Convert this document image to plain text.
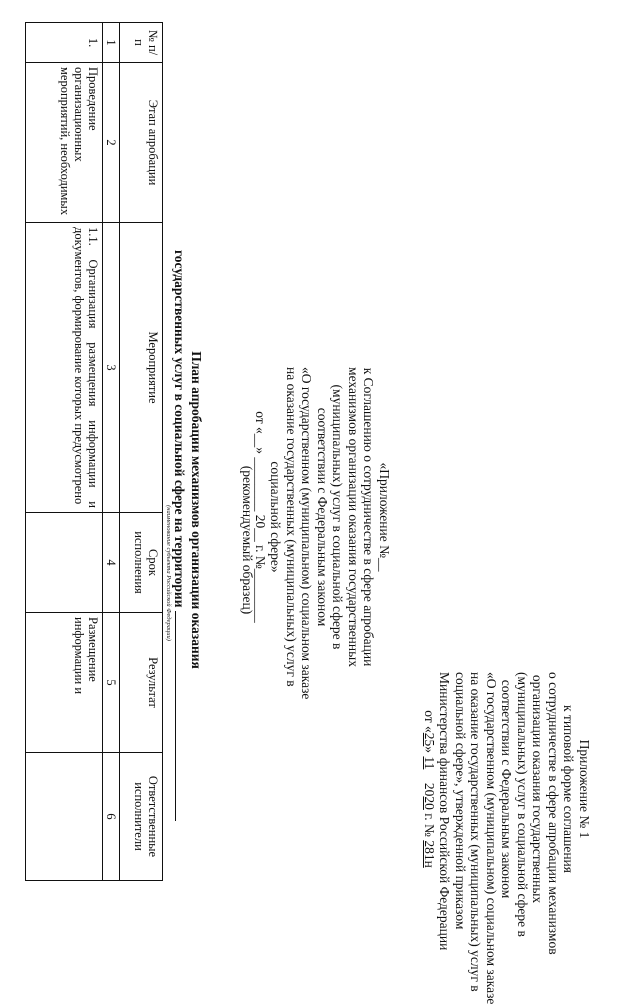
Приложение № 1
к типовой форме соглашения
о сотрудничестве в сфере апробации механизмов
организации оказания государственных
(муниципальных) услуг в социальной сфере в
соответствии с Федеральным законом
«О государственном (муниципальном) социальном заказе
на оказание государственных (муниципальных) услуг в
социальной сфере», утвержденной приказом
Министерства финансов Российской Федерации
от «25» 11    2020 г. № 281н
«Приложение №__
к Соглашению о сотрудничестве в сфере апробации
механизмов организации оказания государственных
(муниципальных) услуг в социальной сфере в
соответствии с Федеральным законом
«О государственном (муниципальном) социальном заказе
на оказание государственных (муниципальных) услуг в
социальной сфере»
от «__» ________ 20__ г. №________
(рекомендуемый образец)
План апробации механизмов организации оказания
государственных услуг в социальной сфере на территории
(наименование субъекта Российской Федерации)
№ п/п	Этап апробации	Мероприятие	Срок исполнения	Результат	Ответственные исполнители
1	2	3	4	5	6
1.	Проведение организационных мероприятий, необходимых	1.1. Организация размещения информации и документов, формирование которых предусмотрено		Размещение информации и	
